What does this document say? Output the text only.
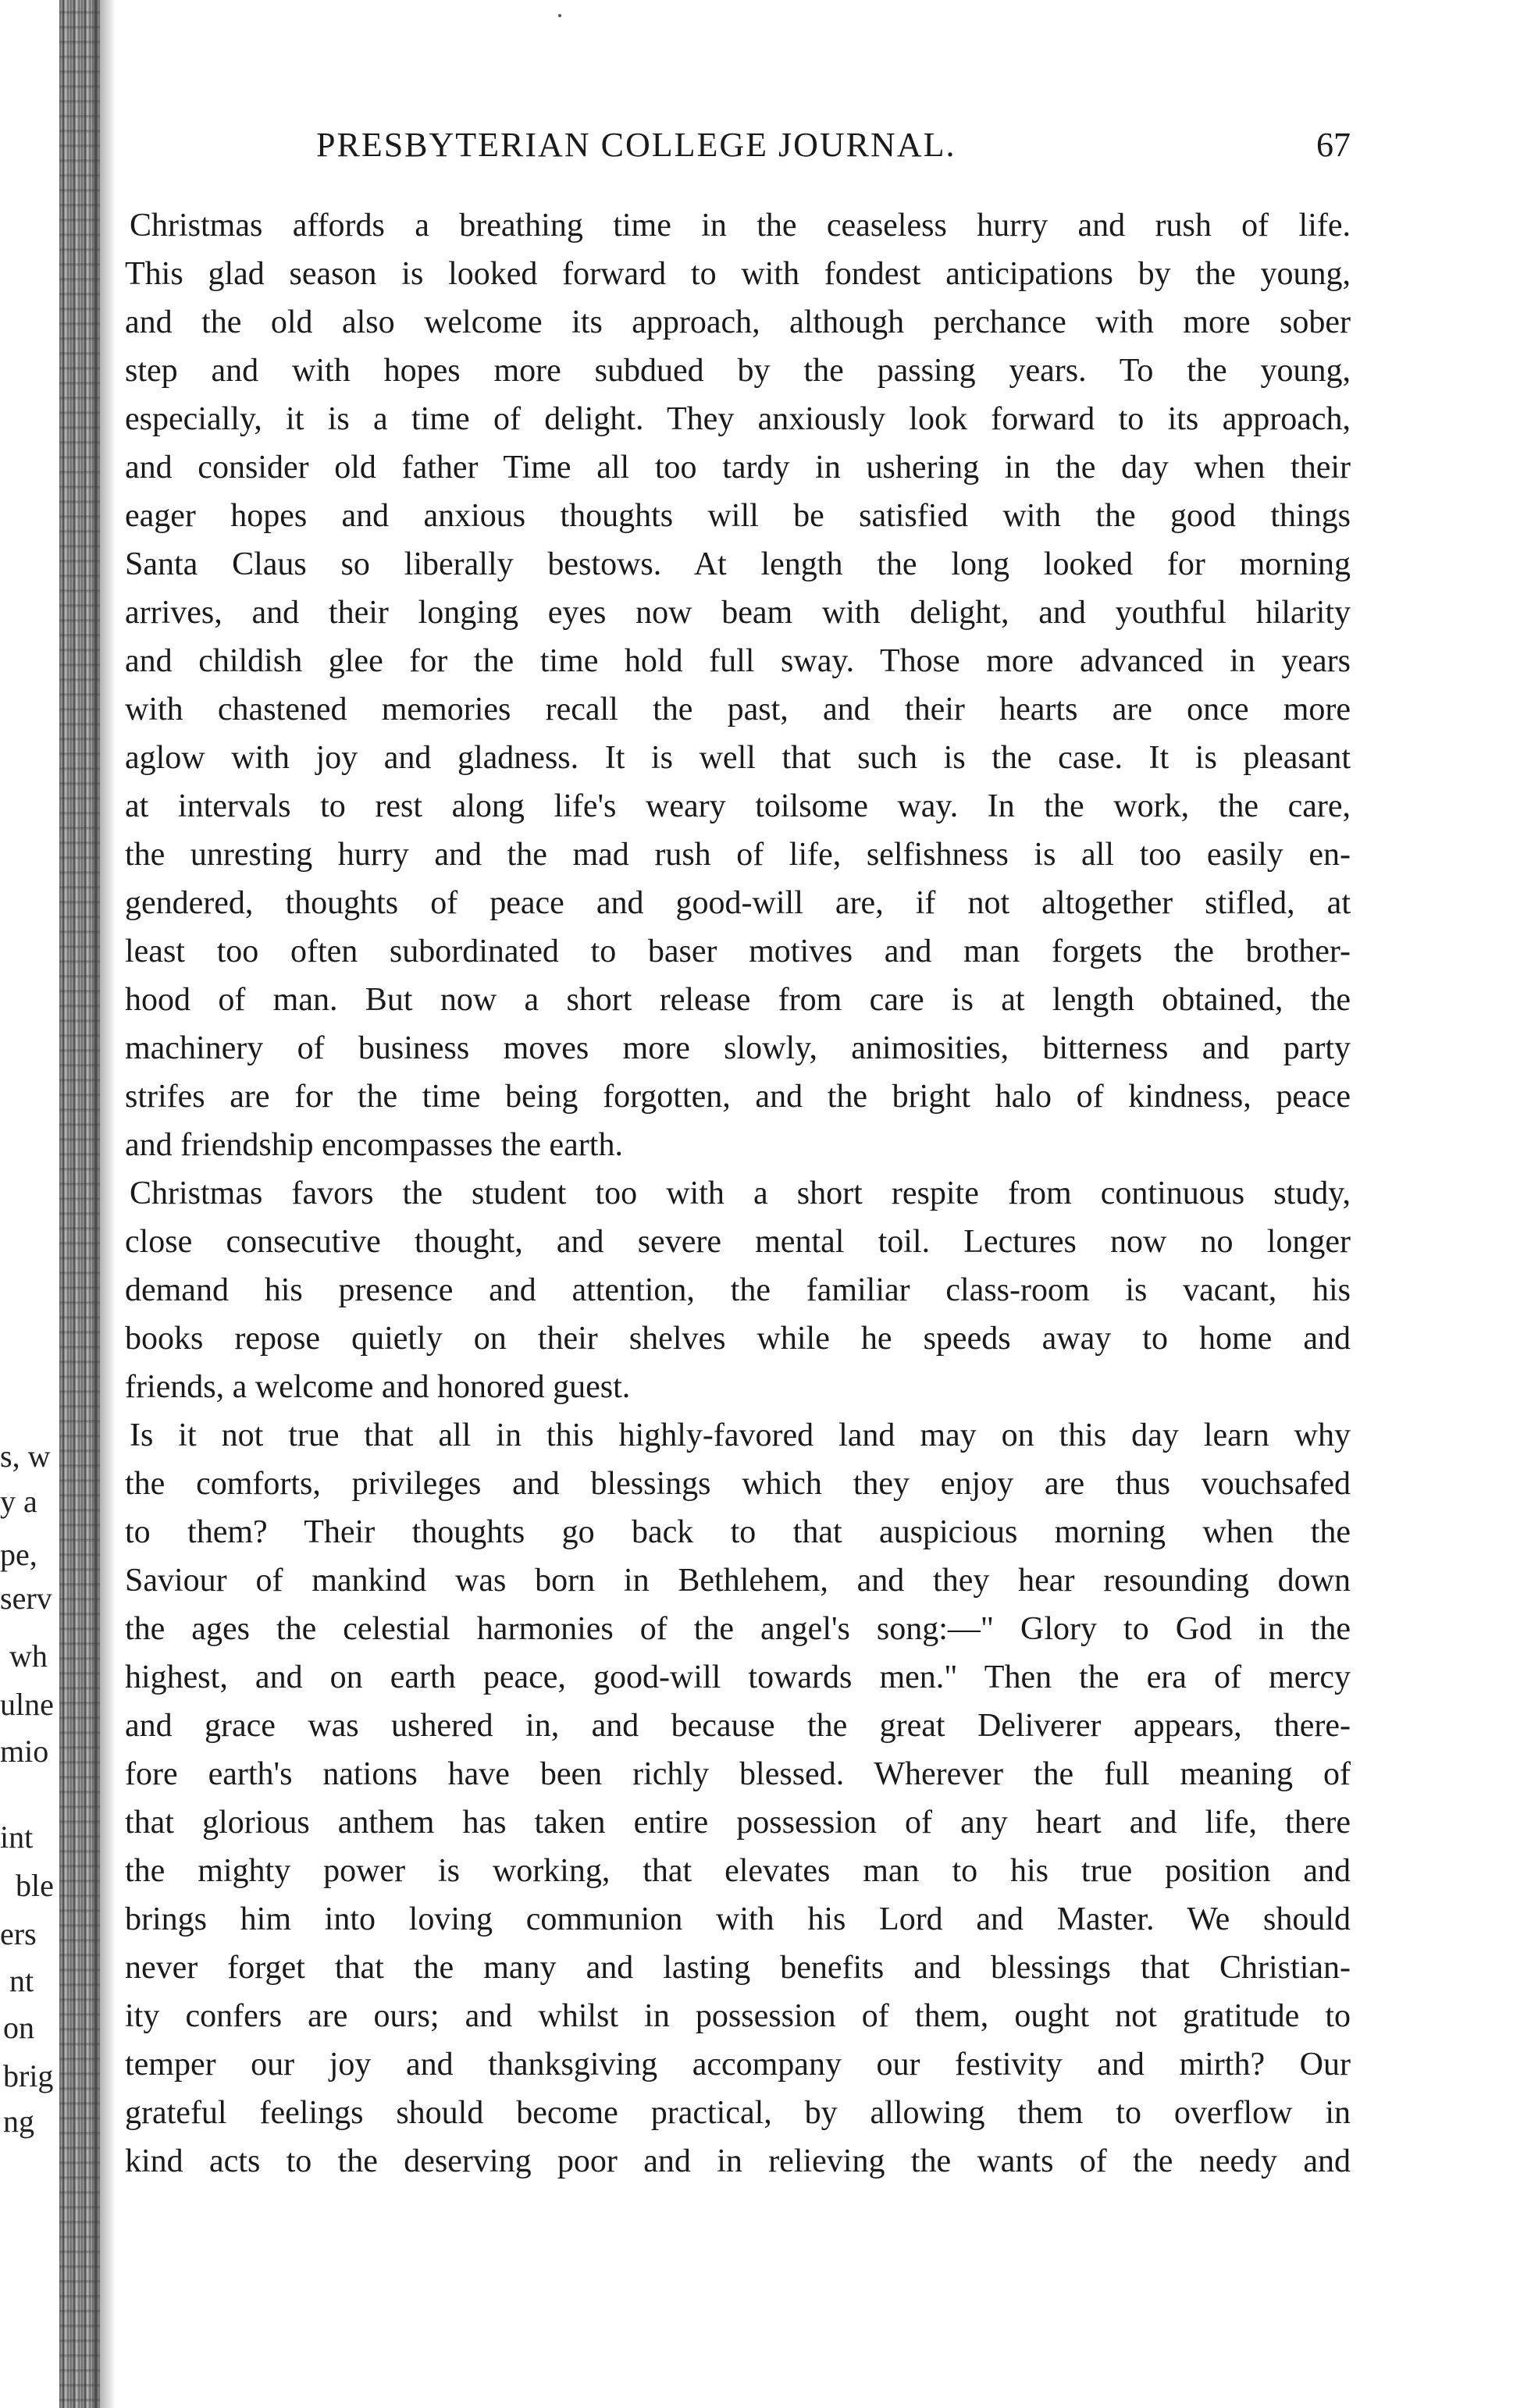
s, w
y a
pe,
serv
wh
ulne
mio
int
ble
ers
nt
on
brig
ng
PRESBYTERIAN COLLEGE JOURNAL.	67
Christmas affords a breathing time in the ceaseless hurry and rush of life.
This glad season is looked forward to with fondest anticipations by the young,
and the old also welcome its approach, although perchance with more sober
step and with hopes more subdued by the passing years. To the young,
especially, it is a time of delight. They anxiously look forward to its approach,
and consider old father Time all too tardy in ushering in the day when their
eager hopes and anxious thoughts will be satisfied with the good things
Santa Claus so liberally bestows. At length the long looked for morning
arrives, and their longing eyes now beam with delight, and youthful hilarity
and childish glee for the time hold full sway. Those more advanced in years
with chastened memories recall the past, and their hearts are once more
aglow with joy and gladness. It is well that such is the case. It is pleasant
at intervals to rest along life's weary toilsome way. In the work, the care,
the unresting hurry and the mad rush of life, selfishness is all too easily en-
gendered, thoughts of peace and good-will are, if not altogether stifled, at
least too often subordinated to baser motives and man forgets the brother-
hood of man. But now a short release from care is at length obtained, the
machinery of business moves more slowly, animosities, bitterness and party
strifes are for the time being forgotten, and the bright halo of kindness, peace
and friendship encompasses the earth.
Christmas favors the student too with a short respite from continuous study,
close consecutive thought, and severe mental toil. Lectures now no longer
demand his presence and attention, the familiar class-room is vacant, his
books repose quietly on their shelves while he speeds away to home and
friends, a welcome and honored guest.
Is it not true that all in this highly-favored land may on this day learn why
the comforts, privileges and blessings which they enjoy are thus vouchsafed
to them? Their thoughts go back to that auspicious morning when the
Saviour of mankind was born in Bethlehem, and they hear resounding down
the ages the celestial harmonies of the angel's song:—" Glory to God in the
highest, and on earth peace, good-will towards men." Then the era of mercy
and grace was ushered in, and because the great Deliverer appears, there-
fore earth's nations have been richly blessed. Wherever the full meaning of
that glorious anthem has taken entire possession of any heart and life, there
the mighty power is working, that elevates man to his true position and
brings him into loving communion with his Lord and Master. We should
never forget that the many and lasting benefits and blessings that Christian-
ity confers are ours; and whilst in possession of them, ought not gratitude to
temper our joy and thanksgiving accompany our festivity and mirth? Our
grateful feelings should become practical, by allowing them to overflow in
kind acts to the deserving poor and in relieving the wants of the needy and
